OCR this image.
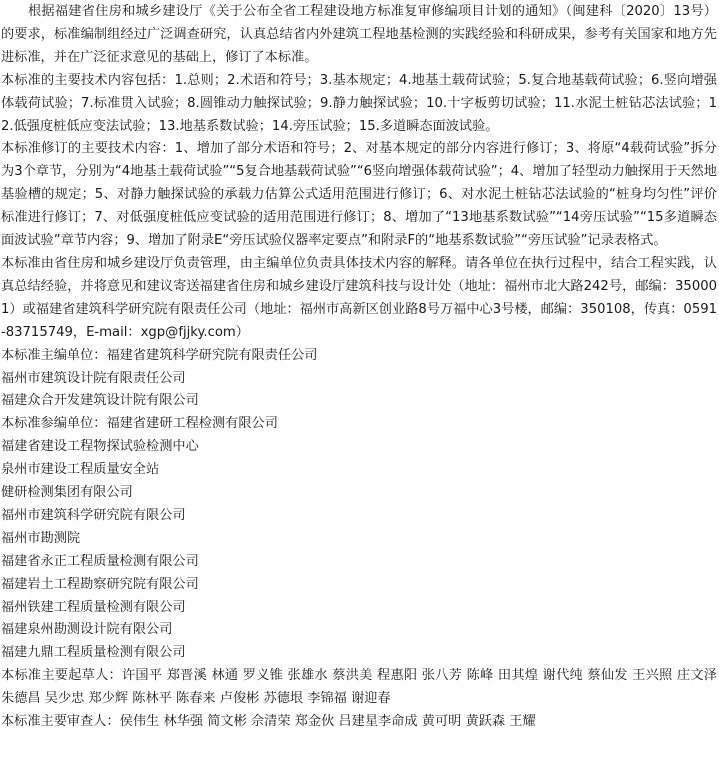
根据福建省住房和城乡建设厅《关于公布全省工程建设地方标准复审修编项目计划的通知》（闽建科〔2020〕13号）的要求，标准编制组经过广泛调查研究，认真总结省内外建筑工程地基检测的实践经验和科研成果，参考有关国家和地方先进标准，并在广泛征求意见的基础上，修订了本标准。

本标准的主要技术内容包括：1.总则；2.术语和符号；3.基本规定；4.地基土载荷试验；5.复合地基载荷试验；6.竖向增强体载荷试验；7.标准贯入试验；8.圆锥动力触探试验；9.静力触探试验；10.十字板剪切试验；11.水泥土桩钻芯法试验；12.低强度桩低应变法试验；13.地基系数试验；14.旁压试验；15.多道瞬态面波试验。

本标准修订的主要技术内容：1、增加了部分术语和符号；2、对基本规定的部分内容进行修订；3、将原“4载荷试验”拆分为3个章节，分别为“4地基土载荷试验”“5复合地基载荷试验”“6竖向增强体载荷试验”；4、增加了轻型动力触探用于天然地基验槽的规定；5、对静力触探试验的承载力估算公式适用范围进行修订；6、对水泥土桩钻芯法试验的“桩身均匀性”评价标准进行修订；7、对低强度桩低应变试验的适用范围进行修订；8、增加了“13地基系数试验”“14旁压试验”“15多道瞬态面波试验”章节内容；9、增加了附录E“旁压试验仪器率定要点”和附录F的“地基系数试验”“旁压试验”记录表格式。

本标准由省住房和城乡建设厅负责管理，由主编单位负责具体技术内容的解释。请各单位在执行过程中，结合工程实践，认真总结经验，并将意见和建议寄送福建省住房和城乡建设厅建筑科技与设计处（地址：福州市北大路242号，邮编：350001）或福建省建筑科学研究院有限责任公司（地址：福州市高新区创业路8号万福中心3号楼，邮编：350108，传真：0591-83715749，E-mail：xgp@fjjky.com）

本标准主编单位：福建省建筑科学研究院有限责任公司

福州市建筑设计院有限责任公司

福建众合开发建筑设计院有限公司

本标准参编单位：福建省建研工程检测有限公司

福建省建设工程物探试验检测中心

泉州市建设工程质量安全站

健研检测集团有限公司

福州市建筑科学研究院有限公司

福州市勘测院

福建省永正工程质量检测有限公司

福建岩土工程勘察研究院有限公司

福州铁建工程质量检测有限公司

福建泉州勘测设计院有限公司

福建九鼎工程质量检测有限公司

本标准主要起草人：许国平 郑晋溪 林通 罗义锥 张雄水 蔡洪美 程惠阳 张八芳 陈峰 田其煌 谢代纯 蔡仙发 王兴照 庄文泽 朱德昌 吴少忠 郑少辉 陈林平 陈春来 卢俊彬 苏德垠 李锦福 谢迎春

本标准主要审查人：侯伟生 林华强 简文彬 佘清荣 郑金伙 吕建星李命成 黄可明 黄跃森 王耀
